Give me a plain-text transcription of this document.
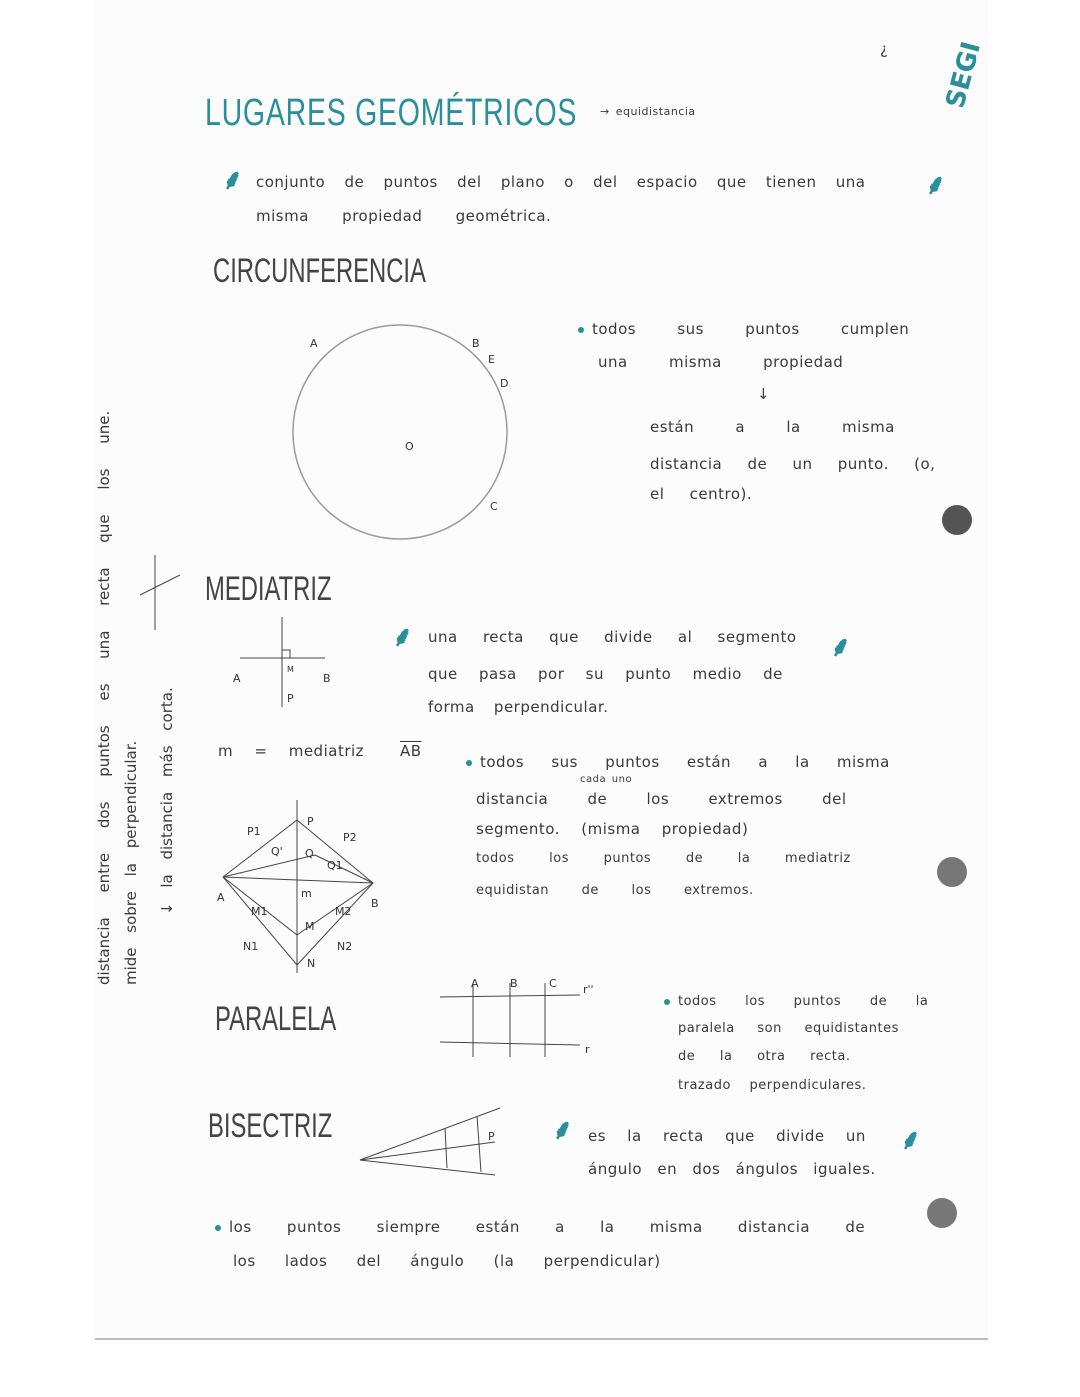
LUGARES GEOMÉTRICOS → equidistancia
SEGI
¿
⸙	⸙
conjunto de puntos del plano o del espacio que tienen una
misma propiedad geométrica.
CIRCUNFERENCIA
A	B
E
D
C
O
todos sus puntos cumplen
una misma propiedad
↓
están a la misma
distancia de un punto. (o,
el centro).
MEDIATRIZ
A	B
P
M
⸙	⸙
una recta que divide al segmento
que pasa por su punto medio de
forma perpendicular.
m = mediatriz $\overline{AB}$
P
P1	P2
Q
Q1
Q'
m
M
M1	M2
N
N1	N2
A	B
todos sus puntos están a la misma
cada uno
distancia de los extremos del
segmento. (misma propiedad)
todos los puntos de la mediatriz
equidistan de los extremos.
PARALELA
A	B	C r''
r
todos los puntos de la
paralela son equidistantes
de la otra recta.
trazado perpendiculares.
BISECTRIZ	P ⸙	⸙
es la recta que divide un
ángulo en dos ángulos iguales.
los puntos siempre están a la misma distancia de
los lados del ángulo (la perpendicular)
distancia entre dos puntos es una recta que los une. mide sobre la perpendicular. ↓ la distancia más corta.
